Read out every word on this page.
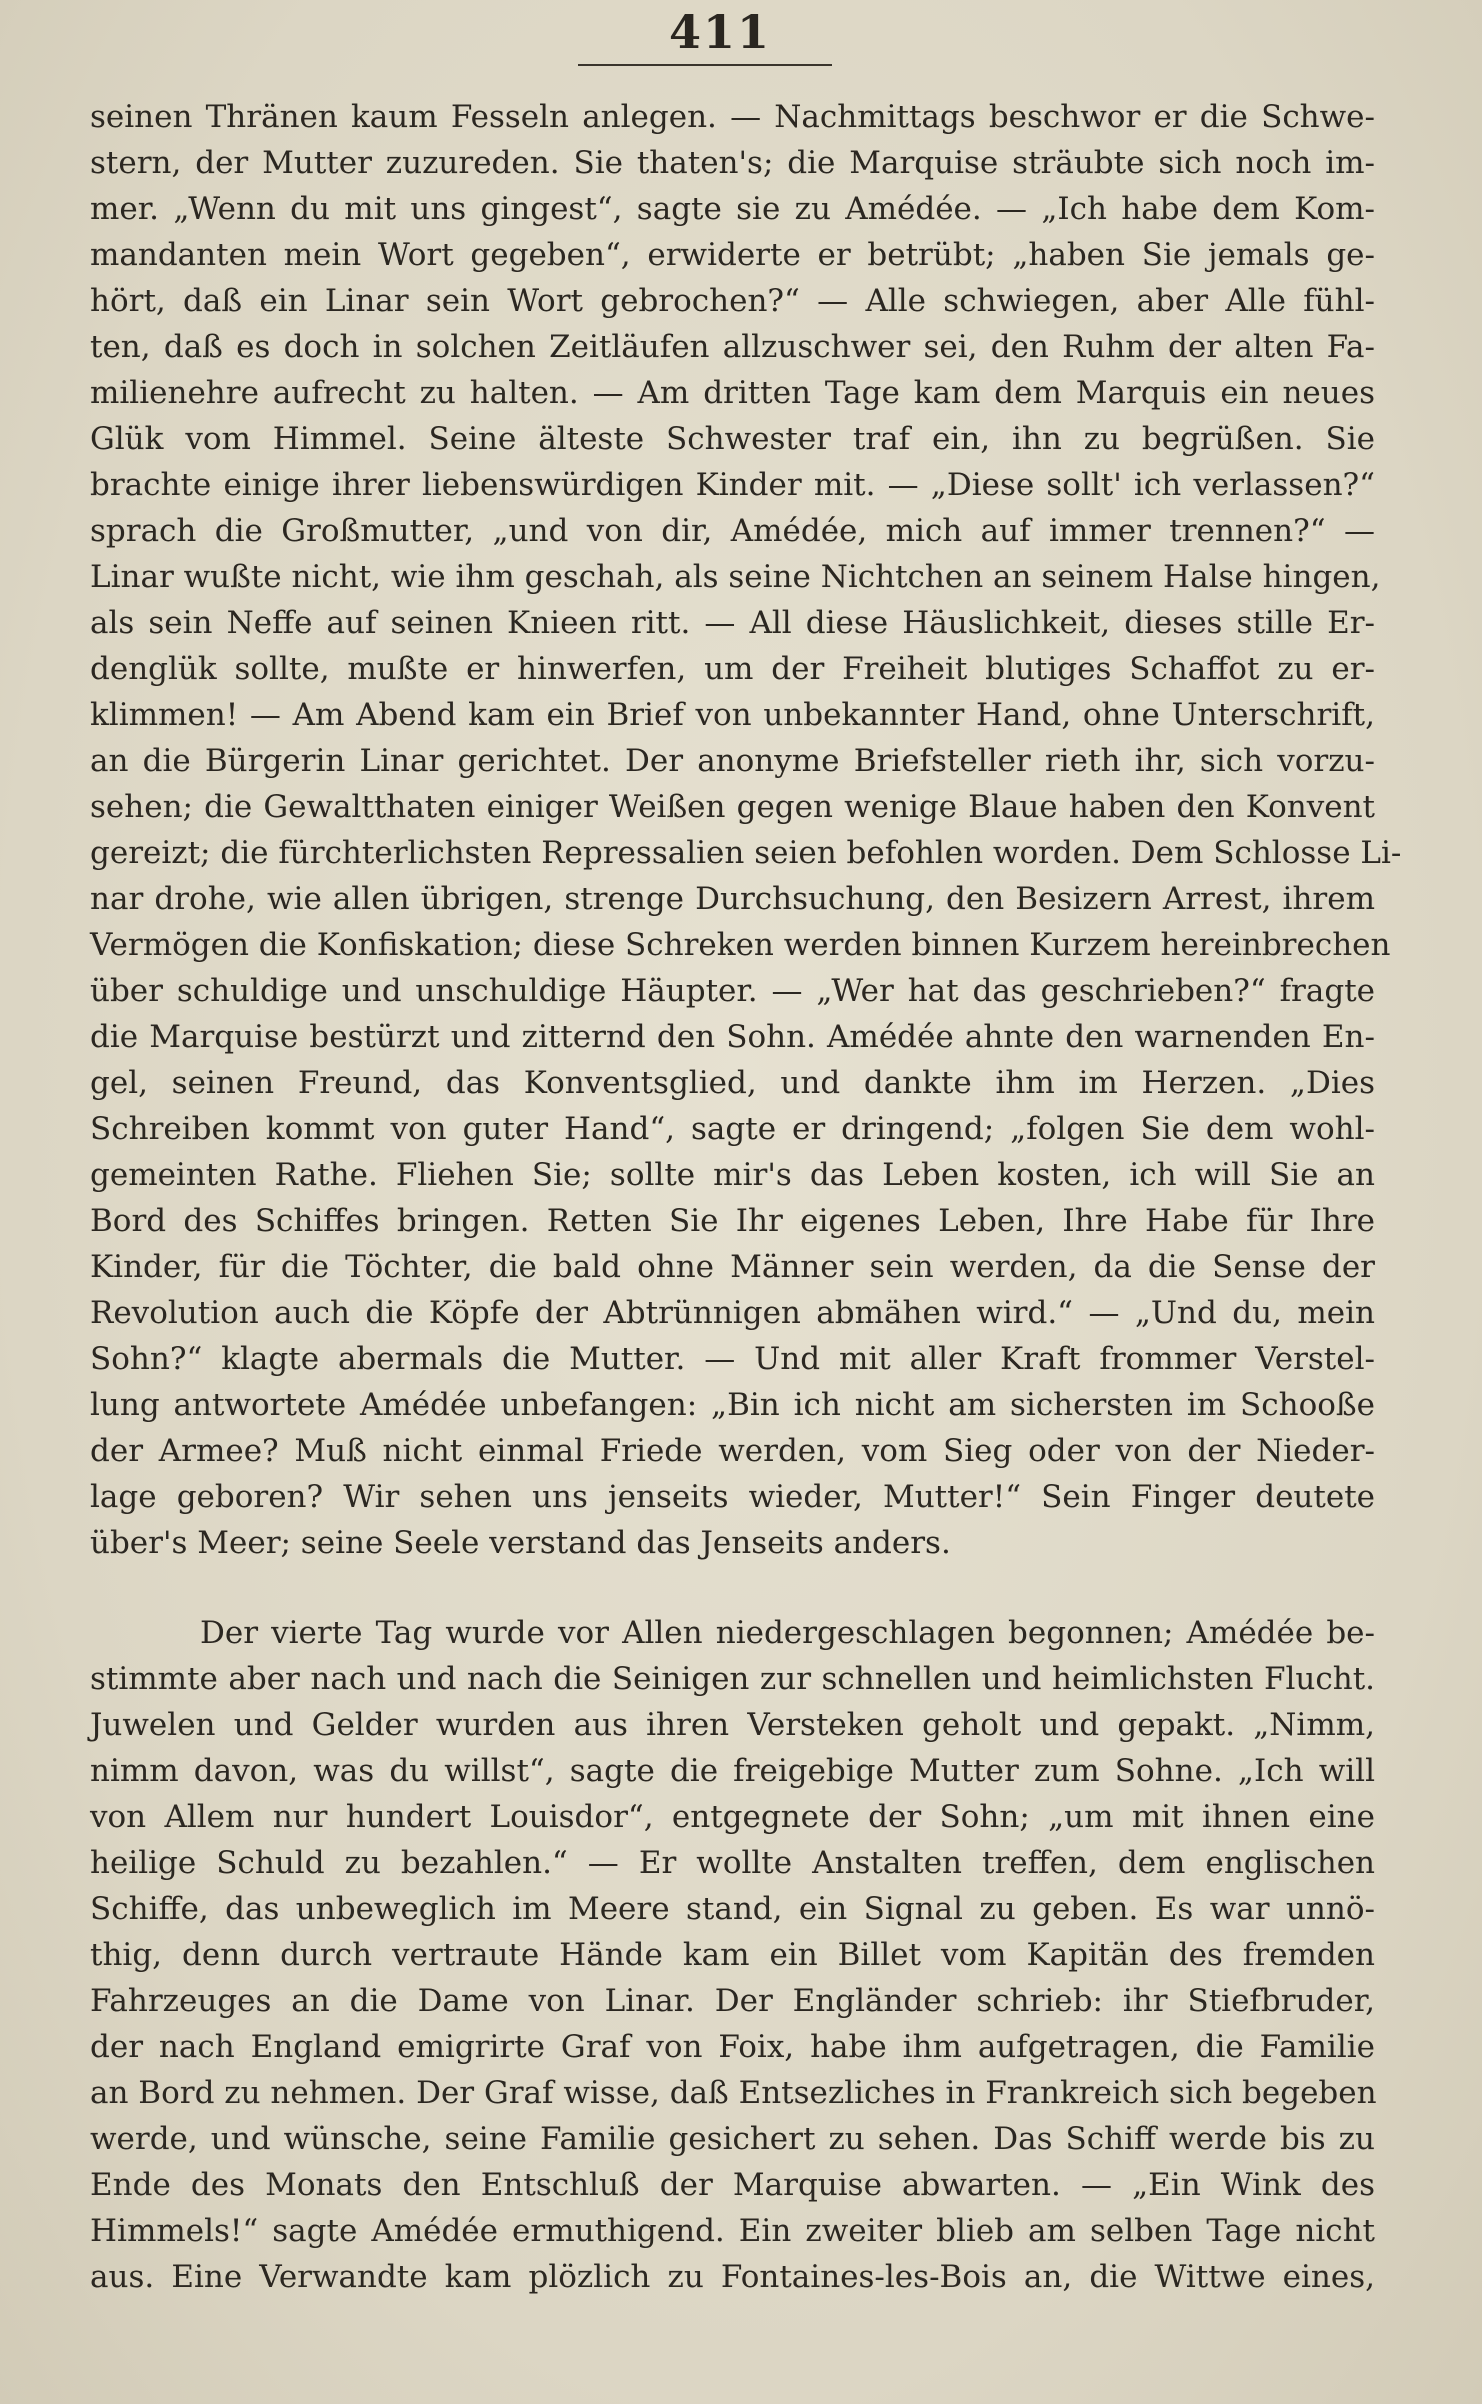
411
seinen Thränen kaum Fesseln anlegen. — Nachmittags beschwor er die Schwe-
stern, der Mutter zuzureden. Sie thaten's; die Marquise sträubte sich noch im-
mer. „Wenn du mit uns gingest“, sagte sie zu Amédée. — „Ich habe dem Kom-
mandanten mein Wort gegeben“, erwiderte er betrübt; „haben Sie jemals ge-
hört, daß ein Linar sein Wort gebrochen?“ — Alle schwiegen, aber Alle fühl-
ten, daß es doch in solchen Zeitläufen allzuschwer sei, den Ruhm der alten Fa-
milienehre aufrecht zu halten. — Am dritten Tage kam dem Marquis ein neues
Glük vom Himmel. Seine älteste Schwester traf ein, ihn zu begrüßen. Sie
brachte einige ihrer liebenswürdigen Kinder mit. — „Diese sollt' ich verlassen?“
sprach die Großmutter, „und von dir, Amédée, mich auf immer trennen?“ —
Linar wußte nicht, wie ihm geschah, als seine Nichtchen an seinem Halse hingen,
als sein Neffe auf seinen Knieen ritt. — All diese Häuslichkeit, dieses stille Er-
denglük sollte, mußte er hinwerfen, um der Freiheit blutiges Schaffot zu er-
klimmen! — Am Abend kam ein Brief von unbekannter Hand, ohne Unterschrift,
an die Bürgerin Linar gerichtet. Der anonyme Briefsteller rieth ihr, sich vorzu-
sehen; die Gewaltthaten einiger Weißen gegen wenige Blaue haben den Konvent
gereizt; die fürchterlichsten Repressalien seien befohlen worden. Dem Schlosse Li-
nar drohe, wie allen übrigen, strenge Durchsuchung, den Besizern Arrest, ihrem
Vermögen die Konfiskation; diese Schreken werden binnen Kurzem hereinbrechen
über schuldige und unschuldige Häupter. — „Wer hat das geschrieben?“ fragte
die Marquise bestürzt und zitternd den Sohn. Amédée ahnte den warnenden En-
gel, seinen Freund, das Konventsglied, und dankte ihm im Herzen. „Dies
Schreiben kommt von guter Hand“, sagte er dringend; „folgen Sie dem wohl-
gemeinten Rathe. Fliehen Sie; sollte mir's das Leben kosten, ich will Sie an
Bord des Schiffes bringen. Retten Sie Ihr eigenes Leben, Ihre Habe für Ihre
Kinder, für die Töchter, die bald ohne Männer sein werden, da die Sense der
Revolution auch die Köpfe der Abtrünnigen abmähen wird.“ — „Und du, mein
Sohn?“ klagte abermals die Mutter. — Und mit aller Kraft frommer Verstel-
lung antwortete Amédée unbefangen: „Bin ich nicht am sichersten im Schooße
der Armee? Muß nicht einmal Friede werden, vom Sieg oder von der Nieder-
lage geboren? Wir sehen uns jenseits wieder, Mutter!“ Sein Finger deutete
über's Meer; seine Seele verstand das Jenseits anders.
Der vierte Tag wurde vor Allen niedergeschlagen begonnen; Amédée be-
stimmte aber nach und nach die Seinigen zur schnellen und heimlichsten Flucht.
Juwelen und Gelder wurden aus ihren Versteken geholt und gepakt. „Nimm,
nimm davon, was du willst“, sagte die freigebige Mutter zum Sohne. „Ich will
von Allem nur hundert Louisdor“, entgegnete der Sohn; „um mit ihnen eine
heilige Schuld zu bezahlen.“ — Er wollte Anstalten treffen, dem englischen
Schiffe, das unbeweglich im Meere stand, ein Signal zu geben. Es war unnö-
thig, denn durch vertraute Hände kam ein Billet vom Kapitän des fremden
Fahrzeuges an die Dame von Linar. Der Engländer schrieb: ihr Stiefbruder,
der nach England emigrirte Graf von Foix, habe ihm aufgetragen, die Familie
an Bord zu nehmen. Der Graf wisse, daß Entsezliches in Frankreich sich begeben
werde, und wünsche, seine Familie gesichert zu sehen. Das Schiff werde bis zu
Ende des Monats den Entschluß der Marquise abwarten. — „Ein Wink des
Himmels!“ sagte Amédée ermuthigend. Ein zweiter blieb am selben Tage nicht
aus. Eine Verwandte kam plözlich zu Fontaines-les-Bois an, die Wittwe eines,
